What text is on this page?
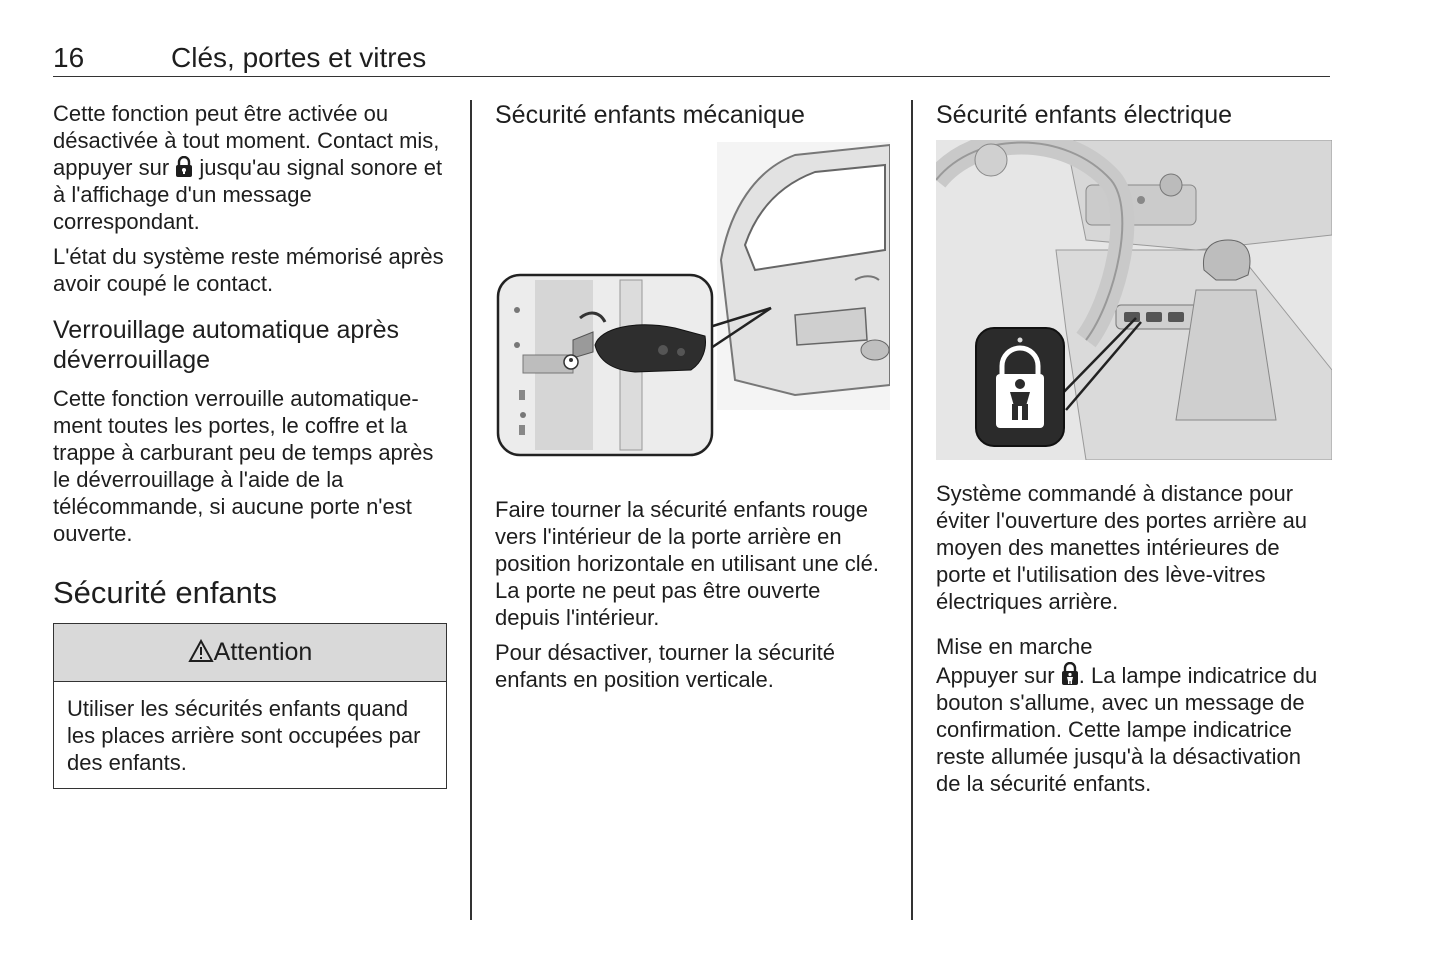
16	Clés, portes et vitres

Cette fonction peut être activée ou désactivée à tout moment. Contact mis, appuyer sur  jusqu'au signal sonore et à l'affichage d'un message correspondant.

L'état du système reste mémorisé après avoir coupé le contact.

Verrouillage automatique après déverrouillage

Cette fonction verrouille automatiquement toutes les portes, le coffre et la trappe à carburant peu de temps après le déverrouillage à l'aide de la télécommande, si aucune porte n'est ouverte.

Sécurité enfants
Attention
Utiliser les sécurités enfants quand les places arrière sont occupées par des enfants.
Sécurité enfants mécanique

Faire tourner la sécurité enfants rouge vers l'intérieur de la porte arrière en position horizontale en utilisant une clé. La porte ne peut pas être ouverte depuis l'intérieur.

Pour désactiver, tourner la sécurité enfants en position verticale.

Sécurité enfants électrique

Système commandé à distance pour éviter l'ouverture des portes arrière au moyen des manettes intérieures de porte et l'utilisation des lève-vitres électriques arrière.

Mise en marche

Appuyer sur . La lampe indicatrice du bouton s'allume, avec un message de confirmation. Cette lampe indicatrice reste allumée jusqu'à la désactivation de la sécurité enfants.
